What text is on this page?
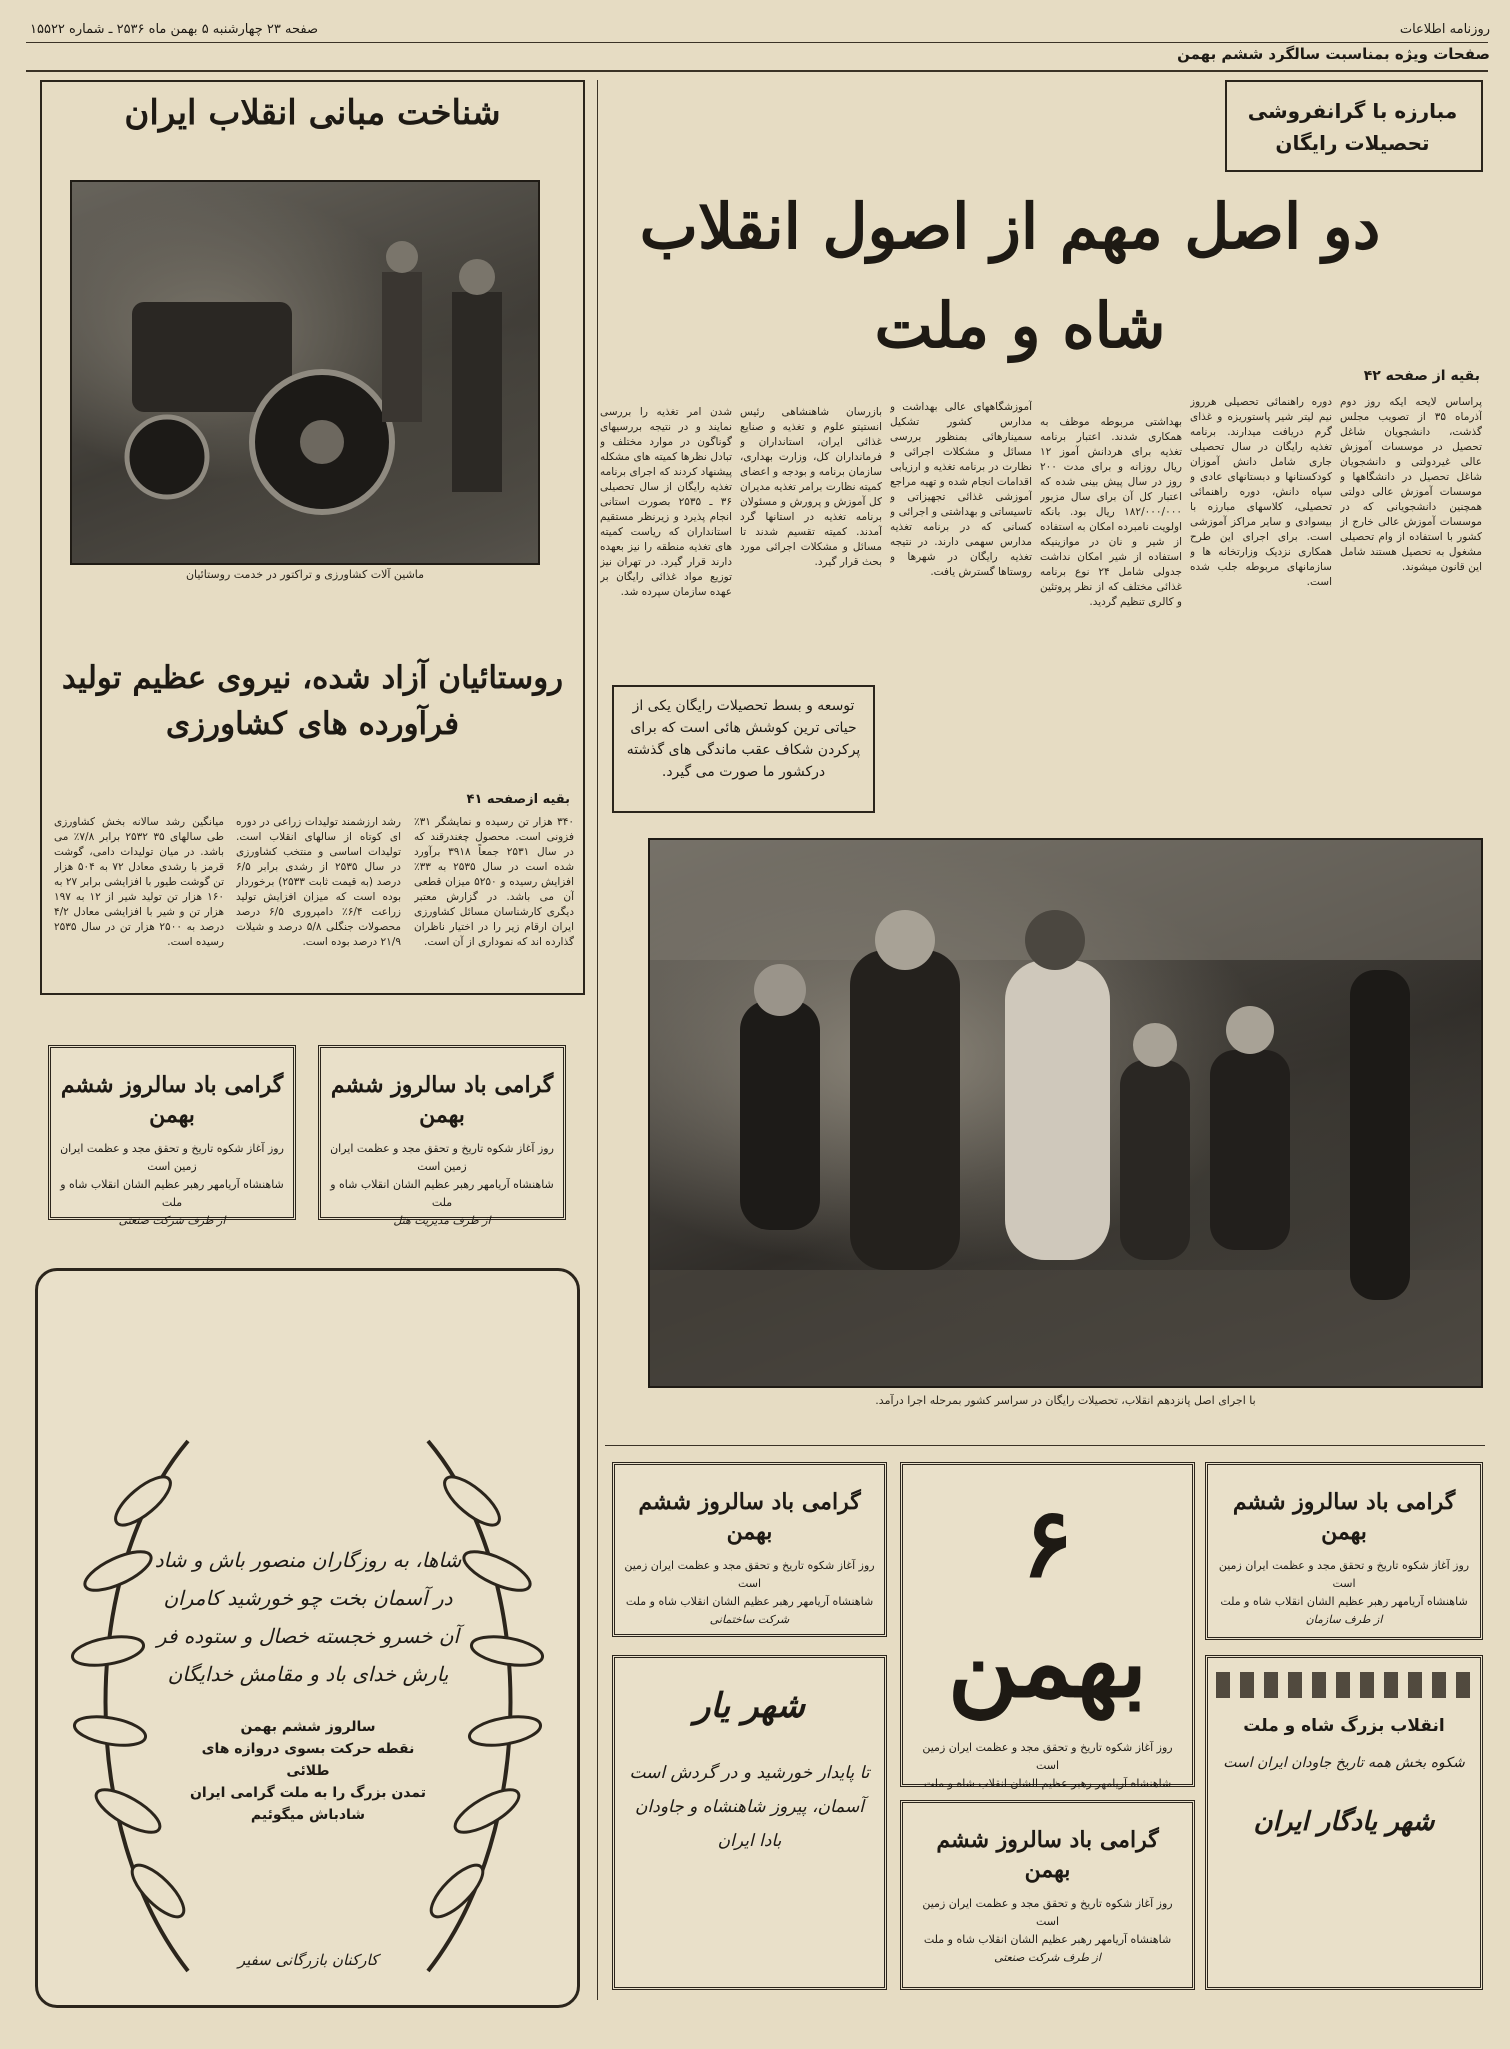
روزنامه اطلاعات
صفحه ۲۳ چهارشنبه ۵ بهمن ماه ۲۵۳۶ ـ شماره ۱۵۵۲۲
صفحات ویژه بمناسبت سالگرد ششم بهمن
شناخت مبانی انقلاب ایران
ماشین آلات کشاورزی و تراکتور در خدمت روستائیان
روستائیان آزاد شده، نیروی عظیم تولید فرآورده های کشاورزی
بقیه ازصفحه ۴۱
۳۴۰ هزار تن رسیده و نمایشگر ۳۱٪ فزونی است. محصول چغندرقند که در سال ۲۵۳۱ جمعاً ۳۹۱۸ برآورد شده است در سال ۲۵۳۵ به ۳۳٪ افزایش رسیده و ۵۲۵۰ میزان قطعی آن می باشد. در گزارش معتبر دیگری کارشناسان مسائل کشاورزی ایران ارقام زیر را در اختیار ناظران گذارده اند که نموداری از آن است.
رشد ارزشمند تولیدات زراعی در دوره ای کوتاه از سالهای انقلاب است. تولیدات اساسی و منتخب کشاورزی در سال ۲۵۳۵ از رشدی برابر ۶/۵ درصد (به قیمت ثابت ۲۵۳۳) برخوردار بوده است که میزان افزایش تولید زراعت ۶/۴٪ دامپروری ۶/۵ درصد محصولات جنگلی ۵/۸ درصد و شیلات ۲۱/۹ درصد بوده است.
میانگین رشد سالانه بخش کشاورزی طی سالهای ۳۵ ۲۵۳۲ برابر ۷/۸٪ می باشد. در میان تولیدات دامی، گوشت قرمز با رشدی معادل ۷۲ به ۵۰۴ هزار تن گوشت طیور با افزایشی برابر ۲۷ به ۱۶۰ هزار تن تولید شیر از ۱۲ به ۱۹۷ هزار تن و شیر با افزایشی معادل ۴/۲ درصد به ۲۵۰۰ هزار تن در سال ۲۵۳۵ رسیده است.
مبارزه با گرانفروشی
تحصیلات رایگان
دو اصل مهم از اصول انقلاب
شاه و ملت
بقیه از صفحه ۴۲
پراساس لایحه ایکه روز دوم آذرماه ۳۵ از تصویب مجلس گذشت، دانشجویان شاغل تحصیل در موسسات آموزش عالی غیردولتی و دانشجویان شاغل تحصیل در دانشگاهها و موسسات آموزش عالی دولتی همچنین دانشجویانی که در موسسات آموزش عالی خارج از کشور با استفاده از وام تحصیلی مشغول به تحصیل هستند شامل این قانون میشوند.
دوره راهنمائی تحصیلی هرروز نیم لیتر شیر پاستوریزه و غذای گرم دریافت میدارند. برنامه تغذیه رایگان در سال تحصیلی جاری شامل دانش آموزان کودکستانها و دبستانهای عادی و سپاه دانش، دوره راهنمائی تحصیلی، کلاسهای مبارزه با بیسوادی و سایر مراکز آموزشی است. برای اجرای این طرح همکاری نزدیک وزارتخانه ها و سازمانهای مربوطه جلب شده است.
بهداشتی مربوطه موظف به همکاری شدند. اعتبار برنامه تغذیه برای هردانش آموز ۱۲ ریال روزانه و برای مدت ۲۰۰ روز در سال پیش بینی شده که اعتبار کل آن برای سال مزبور ۱۸۲/۰۰۰/۰۰۰ ریال بود. بانکه اولویت نامبرده امکان به استفاده از شیر و نان در موازینیکه استفاده از شیر امکان نداشت جدولی شامل ۲۴ نوع برنامه غذائی مختلف که از نظر پروتئین و کالری تنظیم گردید.
آموزشگاههای عالی بهداشت و مدارس کشور تشکیل سمینارهائی بمنظور بررسی مسائل و مشکلات اجرائی و نظارت در برنامه تغذیه و ارزیابی اقدامات انجام شده و تهیه مراجع آموزشی غذائی تجهیزاتی و تاسیساتی و بهداشتی و اجرائی و کسانی که در برنامه تغذیه مدارس سهمی دارند. در نتیجه تغذیه رایگان در شهرها و روستاها گسترش یافت.
بازرسان شاهنشاهی رئیس انستیتو علوم و تغذیه و صنایع غذائی ایران، استانداران و فرمانداران کل، وزارت بهداری، سازمان برنامه و بودجه و اعضای کمیته نظارت برامر تغذیه مدیران کل آموزش و پرورش و مسئولان برنامه تغذیه در استانها گرد آمدند. کمیته تقسیم شدند تا مسائل و مشکلات اجرائی مورد بحث قرار گیرد.
شدن امر تغذیه را بررسی نمایند و در نتیجه بررسیهای گوناگون در موارد مختلف و تبادل نظرها کمیته های مشکله پیشنهاد کردند که اجرای برنامه تغذیه رایگان از سال تحصیلی ۳۶ ـ ۲۵۳۵ بصورت استانی انجام پذیرد و زیرنظر مستقیم استانداران که ریاست کمیته های تغذیه منطقه را نیز بعهده دارند قرار گیرد. در تهران نیز توزیع مواد غذائی رایگان بر عهده سازمان سپرده شد.
توسعه و بسط تحصیلات رایگان یکی از حیاتی ترین کوشش هائی است که برای پرکردن شکاف عقب ماندگی های گذشته درکشور ما صورت می گیرد.
با اجرای اصل پانزدهم انقلاب، تحصیلات رایگان در سراسر کشور بمرحله اجرا درآمد.
گرامی باد سالروز ششم بهمن
روز آغاز شکوه تاریخ و تحقق مجد و عظمت ایران زمین است
شاهنشاه آریامهر رهبر عظیم الشان انقلاب شاه و ملت
از طرف مدیریت هتل
گرامی باد سالروز ششم بهمن
روز آغاز شکوه تاریخ و تحقق مجد و عظمت ایران زمین است
شاهنشاه آریامهر رهبر عظیم الشان انقلاب شاه و ملت
از طرف شرکت صنعتی
شاها، به روزگاران منصور باش و شاد
در آسمان بخت چو خورشید کامران
آن خسرو خجسته خصال و ستوده فر
یارش خدای باد و مقامش خدایگان
سالروز ششم بهمن
نقطه حرکت بسوی دروازه های طلائی
تمدن بزرگ را به ملت گرامی ایران
شادباش میگوئیم
کارکنان بازرگانی سفیر
گرامی باد سالروز ششم بهمن
روز آغاز شکوه تاریخ و تحقق مجد و عظمت ایران زمین است
شاهنشاه آریامهر رهبر عظیم الشان انقلاب شاه و ملت
از طرف سازمان
۶ بهمن
روز آغاز شکوه تاریخ و تحقق مجد و عظمت ایران زمین است
شاهنشاه آریامهر رهبر عظیم الشان انقلاب شاه و ملت
گرامی باد سالروز ششم بهمن
روز آغاز شکوه تاریخ و تحقق مجد و عظمت ایران زمین است
شاهنشاه آریامهر رهبر عظیم الشان انقلاب شاه و ملت
شرکت ساختمانی
شهر یار
تا پایدار خورشید و در گردش است آسمان، پیروز شاهنشاه و جاودان بادا ایران	گرامی باد سالروز ششم بهمن
روز آغاز شکوه تاریخ و تحقق مجد و عظمت ایران زمین است
شاهنشاه آریامهر رهبر عظیم الشان انقلاب شاه و ملت
از طرف شرکت صنعتی
انقلاب بزرگ شاه و ملت
شکوه بخش همه تاریخ جاودان ایران است
شهر یادگار ایران
